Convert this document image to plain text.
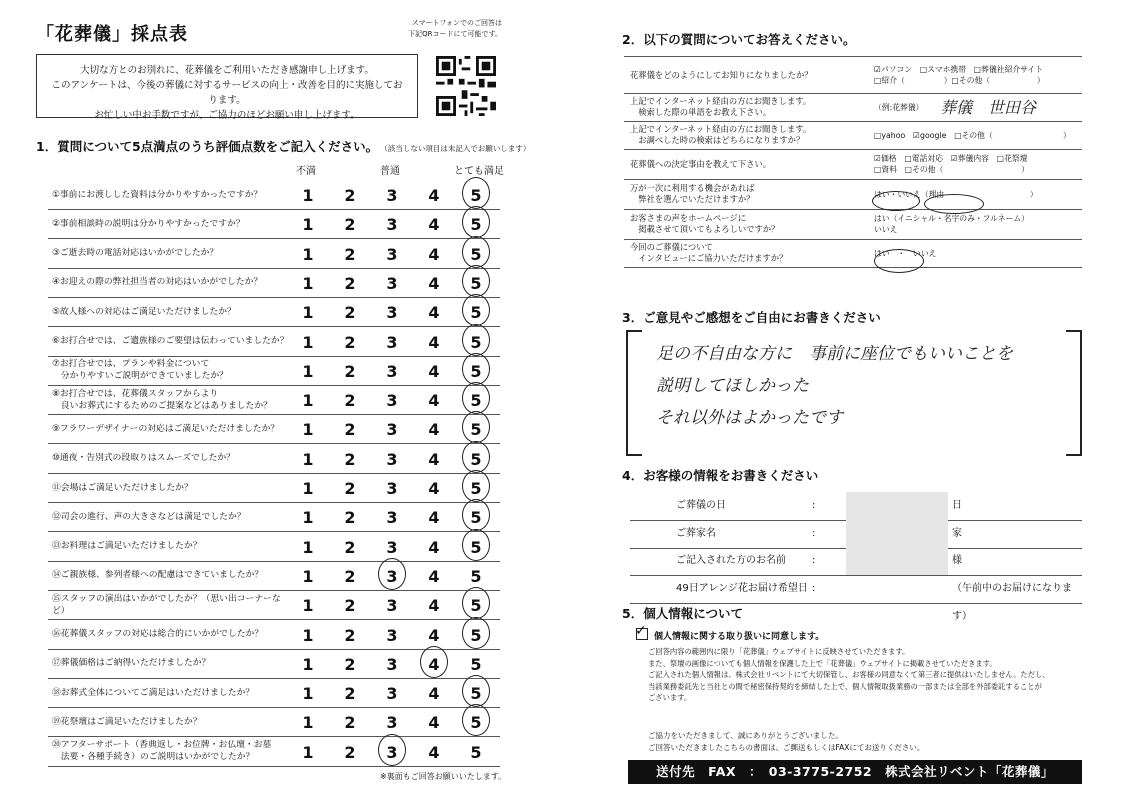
「花葬儀」採点表
スマートフォンでのご回答は
下記QRコードにて可能です。
大切な方とのお別れに、花葬儀をご利用いただき感謝申し上げます。
このアンケートは、今後の葬儀に対するサービスの向上・改善を目的に実施しております。
お忙しい中お手数ですが、ご協力のほどお願い申し上げます。
1．質問について5点満点のうち評価点数をご記入ください。 （該当しない項目は未記入でお願いします）
不満	普通	とても満足
①事前にお渡しした資料は分かりやすかったですか？	1 2 3 4 5
②事前相談時の説明は分かりやすかったですか？	1 2 3 4 5
③ご逝去時の電話対応はいかがでしたか？	1 2 3 4 5
④お迎えの際の弊社担当者の対応はいかがでしたか？	1 2 3 4 5
⑤故人様への対応はご満足いただけましたか？	1 2 3 4 5
⑥お打合せでは、ご遺族様のご要望は伝わっていましたか？ 1 2 3 4 5
⑦お打合せでは、プランや料金について
　分かりやすいご説明ができていましたか？	1 2 3 4 5
⑧お打合せでは、花葬儀スタッフからより
　良いお葬式にするためのご提案などはありましたか？	1 2 3 4 5
⑨フラワーデザイナーの対応はご満足いただけましたか？	1 2 3 4 5
⑩通夜・告別式の段取りはスムーズでしたか？	1 2 3 4 5
⑪会場はご満足いただけましたか？	1 2 3 4 5
⑫司会の進行、声の大きさなどは満足でしたか？	1 2 3 4 5
⑬お料理はご満足いただけましたか？	1 2 3 4 5
⑭ご親族様、参列者様への配慮はできていましたか？	1 2 3 4 5
⑮スタッフの演出はいかがでしたか？（思い出コーナーなど）	1 2 3 4 5
⑯花葬儀スタッフの対応は総合的にいかがでしたか？	1 2 3 4 5
⑰葬儀価格はご納得いただけましたか？	1 2 3 4 5
⑱お葬式全体についてご満足はいただけましたか？	1 2 3 4 5
⑲花祭壇はご満足いただけましたか？	1 2 3 4 5
⑳アフターサポート（香典返し・お位牌・お仏壇・お墓
　法要・各種手続き）のご説明はいかがでしたか？	1 2 3 4 5
※裏面もご回答お願いいたします。
2．以下の質問についてお答えください。
花葬儀をどのようにしてお知りになりましたか？	☑パソコン　□スマホ携帯　□葬儀社紹介サイト
□紹介（　　　　　）□その他（　　　　　　）
上記でインターネット経由の方にお聞きします。
　検索した際の単語をお教え下さい。	（例:花葬儀）	葬儀　世田谷
上記でインターネット経由の方にお聞きします。
　お調べした時の検索はどちらになりますか？	□yahoo　☑google　□その他（　　　　　　　　　）
花葬儀への決定事由を教えて下さい。	☑価格　□電話対応　☑葬儀内容　□花祭壇
□資料　□その他（　　　　　　　　　　）
万が一次に利用する機会があれば
　弊社を選んでいただけますか？	はい・いいえ（理由　　　　　　　　　　　）
お客さまの声をホームページに
　掲載させて頂いてもよろしいですか？
はい（イニシャル・名字のみ・フルネーム）
いいえ
今回のご葬儀について
　インタビューにご協力いただけますか？	はい　・　いいえ
3．ご意見やご感想をご自由にお書きください
足の不自由な方に　事前に座位でもいいことを
説明してほしかった
それ以外はよかったです
4．お客様の情報をお書きください
ご葬儀の日	:	日
ご葬家名	:	家
ご記入された方のお名前	:	様
49日アレンジ花お届け希望日 :	（午前中のお届けになります）
5．個人情報について
✓ 個人情報に関する取り扱いに同意します。
ご回答内容の範囲内に限り「花葬儀」ウェブサイトに反映させていただきます。
また、祭壇の画像についても個人情報を保護した上で「花葬儀」ウェブサイトに掲載させていただきます。
ご記入された個人情報は、株式会社リベントにて大切保管し、お客様の同意なくて第三者に提供はいたしません。ただし、
当該業務委託先と当社との間で秘密保持契約を締結した上で、個人情報取扱業務の一部または全部を外部委託することが
ございます。
ご協力をいただきまして、誠にありがとうございました。
ご回答いただきましたこちらの書面は、ご郵送もしくはFAXにてお送りください。
送付先　FAX　：　03-3775-2752　株式会社リベント「花葬儀」
